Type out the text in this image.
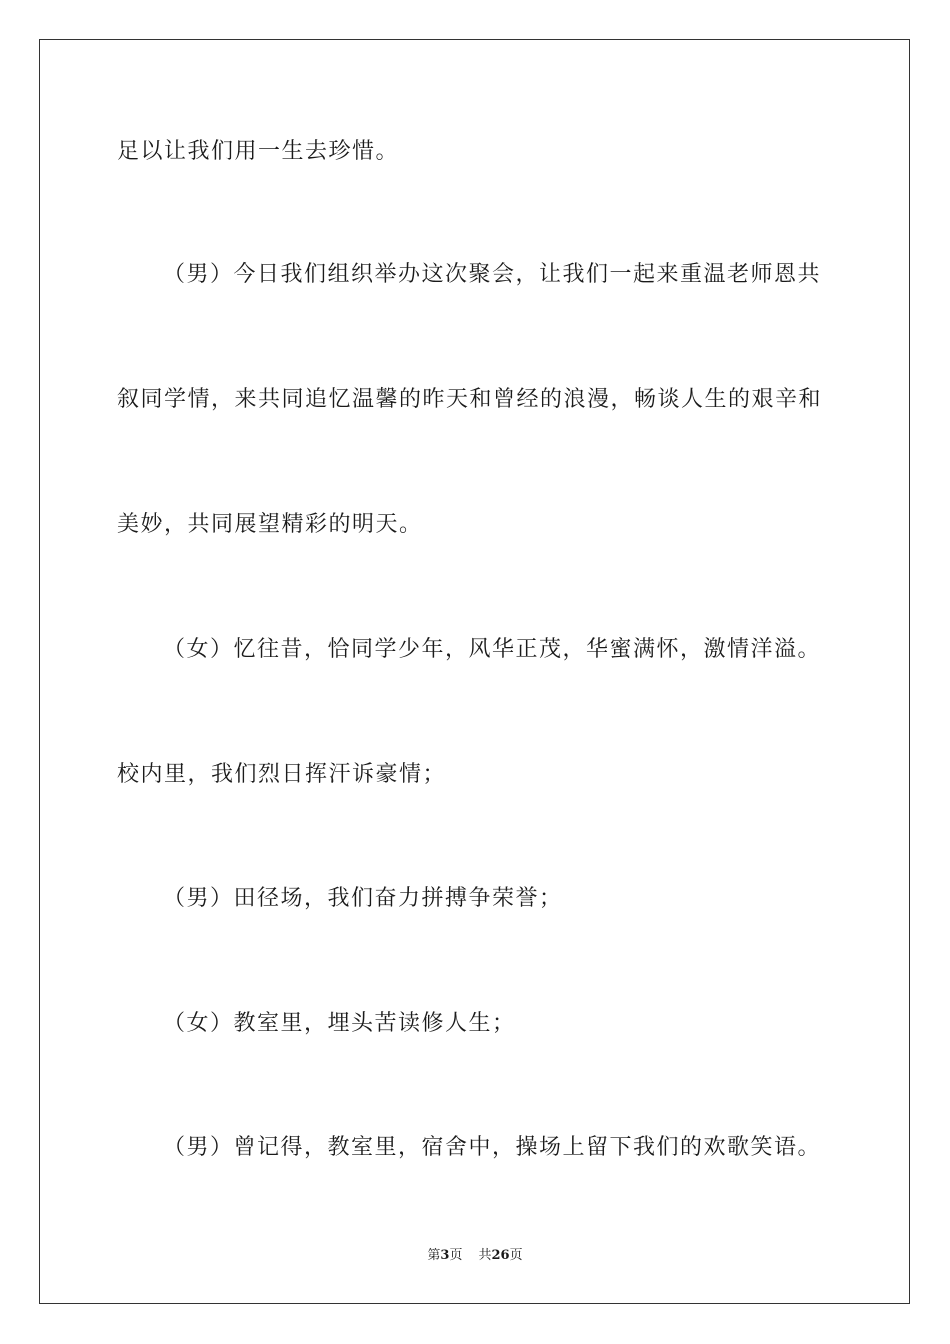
足以让我们用一生去珍惜。
（男）今日我们组织举办这次聚会，让我们一起来重温老师恩共
叙同学情，来共同追忆温馨的昨天和曾经的浪漫，畅谈人生的艰辛和
美妙，共同展望精彩的明天。
（女）忆往昔，恰同学少年，风华正茂，华蜜满怀，激情洋溢。
校内里，我们烈日挥汗诉豪情；
（男）田径场，我们奋力拼搏争荣誉；
（女）教室里，埋头苦读修人生；
（男）曾记得，教室里，宿舍中，操场上留下我们的欢歌笑语。
第3页 共26页
